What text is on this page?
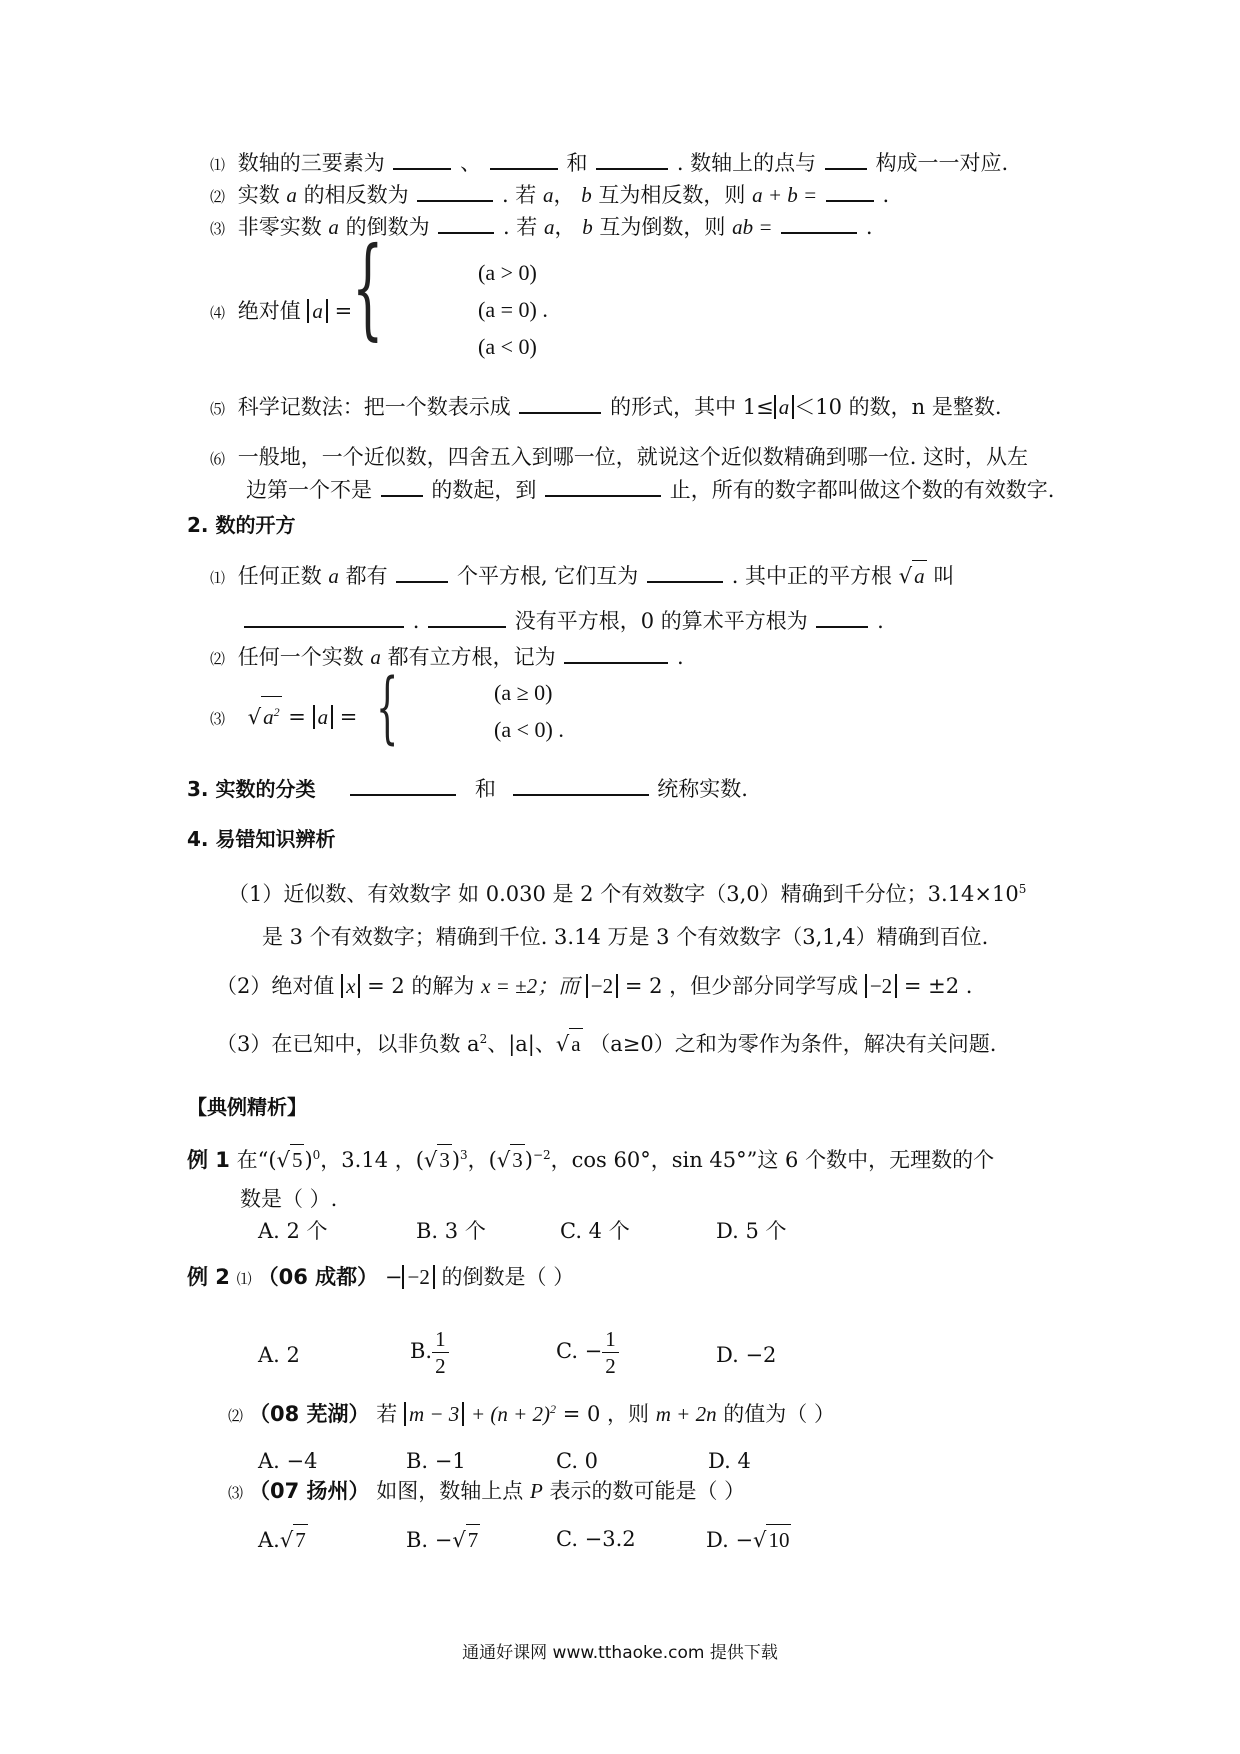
⑴ 数轴的三要素为	、	和	. 数轴上的点与	构成一一对应.
⑵ 实数 a 的相反数为	. 若 a， b 互为相反数，则 a + b =	.
⑶ 非零实数 a 的倒数为	. 若 a， b 互为倒数，则 ab =	.
⑷ 绝对值 a = {	(a > 0)
(a = 0) .
(a < 0)
⑸ 科学记数法：把一个数表示成	的形式，其中 1≤ a ＜10 的数，n 是整数.
⑹ 一般地，一个近似数，四舍五入到哪一位，就说这个近似数精确到哪一位. 这时，从左
边第一个不是	的数起，到	止，所有的数字都叫做这个数的有效数字.
2. 数的开方
⑴ 任何正数 a 都有	个平方根, 它们互为	. 其中正的平方根 √a 叫
.	没有平方根，0 的算术平方根为	.
⑵ 任何一个实数 a 都有立方根，记为	.
⑶ $√a^2 = a$ = {	(a ≥ 0)
(a < 0) .
3. 实数的分类	和	统称实数.
4. 易错知识辨析
（1）近似数、有效数字 如 0.030 是 2 个有效数字（3,0）精确到千分位；$3.14\times 10^5$
是 3 个有效数字；精确到千位. 3.14 万是 3 个有效数字（3,1,4）精确到百位.
（2）绝对值 x = 2 的解为 x = ±2；而 −2 = 2 ，但少部分同学写成 −2 = ±2 .
（3）在已知中，以非负数 $a^2$、|a|、√a （a≥0）之和为零作为条件，解决有关问题.
【典例精析】
例 1 在“$(√5)^0$，3.14 ，$(√3)^3$，$(√3)^{-2}$，cos 60°，sin 45°”这 6 个数中，无理数的个
数是（ ）.
A. 2 个	B. 3 个	C. 4 个	D. 5 个
例 2 ⑴ （06 成都） − −2 的倒数是（ ）
A. 2	B. $\frac{1}{2}$	C. − $\frac{1}{2}$	D. −2
⑵ （08 芜湖） 若 $m - 3 + (n + 2)^2 = 0$ ，则 m + 2n 的值为（ ）
A. −4	B. −1	C. 0	D. 4
⑶ （07 扬州） 如图，数轴上点 P 表示的数可能是（ ）
A.√7	B. −√7	C. −3.2	D. −√10
通通好课网 www.tthaoke.com 提供下载
